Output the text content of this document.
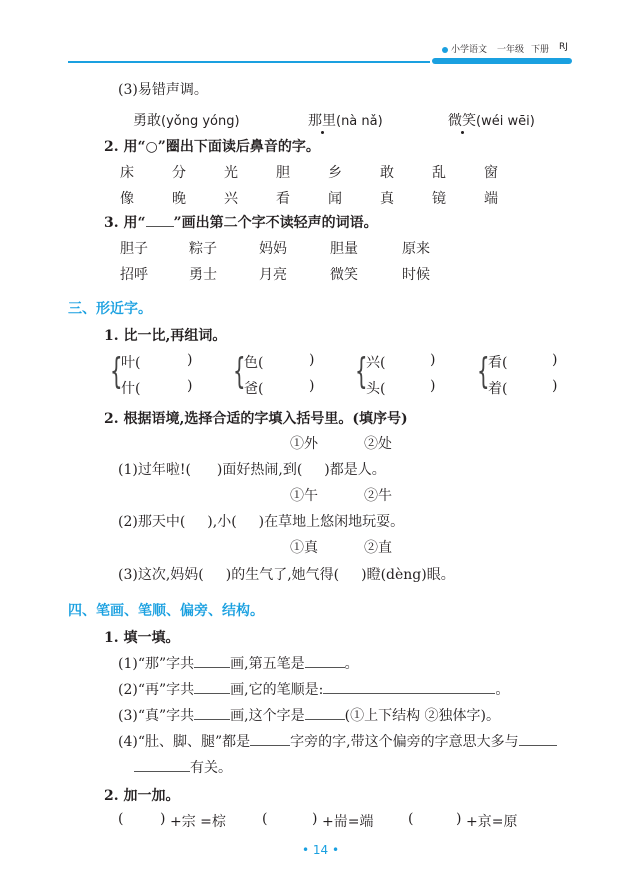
小学语文 一年级 下册 RJ
(3)易错声调。
勇敢(yǒng yóng)	那里(nà nǎ)	微笑(wéi wēi)
2. 用“○”圈出下面读后鼻音的字。
床	分	光	胆	乡	敢	乱	窗
像	晚	兴	看	闻	真	镜	端
3. 用“ ”画出第二个字不读轻声的词语。
胆子	粽子	妈妈	胆量	原来
招呼	勇士	月亮	微笑	时候
三、形近字。
1. 比一比,再组词。
{
叶(	)
什(	) {
色(	)
爸(	) {
兴(	)
头(	) {
看(	)
着(	)
2. 根据语境,选择合适的字填入括号里。(填序号)
①外	②处
(1)过年啦!( )面好热闹,到( )都是人。
①午	②牛
(2)那天中( ),小( )在草地上悠闲地玩耍。
①真	②直
(3)这次,妈妈( )的生气了,她气得( )瞪(dèng)眼。
四、笔画、笔顺、偏旁、结构。
1. 填一填。
(1)“那”字共	画,第五笔是	。
(2)“再”字共	画,它的笔顺是:	。
(3)“真”字共	画,这个字是	(①上下结构 ②独体字)。
(4)“肚、脚、腿”都是	字旁的字,带这个偏旁的字意思大多与
有关。
2. 加一加。
(	) +宗 =棕	(	) +耑=端 (	) +京=原
• 14 •
